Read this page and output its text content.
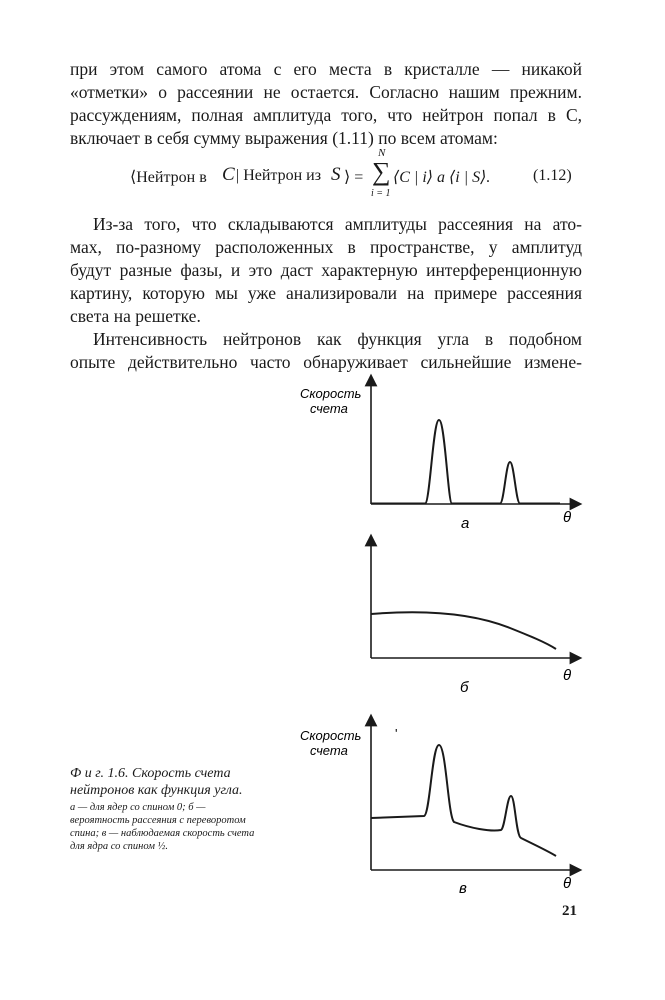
при этом самого атома с его места в кристалле — никакой
«отметки» о рассеянии не остается. Согласно нашим прежним.
рассуждениям, полная амплитуда того, что нейтрон попал в C,
включает в себя сумму выражения (1.11) по всем атомам:
⟨Нейтрон в C | Нейтрон из S ⟩ =
N
∑
i = 1
⟨C | i⟩ a ⟨i | S⟩.	(1.12)
Из-за того, что складываются амплитуды рассеяния на ато-
мах, по-разному расположенных в пространстве, у амплитуд
будут разные фазы, и это даст характерную интерференционную
картину, которую мы уже анализировали на примере рассеяния
света на решетке.
Интенсивность нейтронов как функция угла в подобном
опыте действительно часто обнаруживает сильнейшие измене-
Скорость
счета
а	θ
б
θ
Скорость
счета
'
в	θ
Ф и г. 1.6. Скорость счета нейтронов как функция угла.
а — для ядер со спином 0; б — вероятность рассеяния с переворотом спина; в — наблюдаемая скорость счета для ядра со спином ½.
21
